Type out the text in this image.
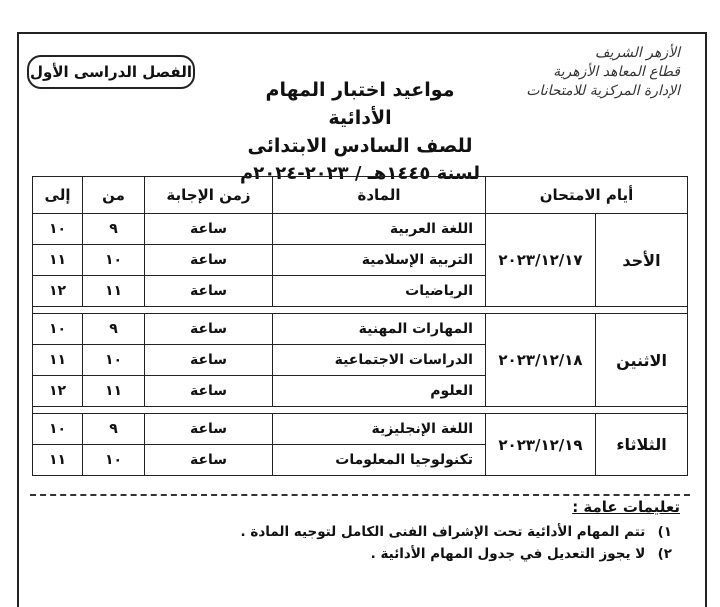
الفصل الدراسى الأول
الأزهر الشريف
قطاع المعاهد الأزهرية
الإدارة المركزية للامتحانات
مواعيد اختبار المهام الأدائية
للصف السادس الابتدائى
لسنة ١٤٤٥هـ / ٢٠٢٣-٢٠٢٤م
أيام الامتحان		المادة	زمن الإجابة	من	إلى
الأحد	٢٠٢٣/١٢/١٧	اللغة العربية	ساعة	٩	١٠
		التربية الإسلامية	ساعة	١٠	١١
		الرياضيات	ساعة	١١	١٢

الاثنين	٢٠٢٣/١٢/١٨	المهارات المهنية	ساعة	٩	١٠
		الدراسات الاجتماعية	ساعة	١٠	١١
		العلوم	ساعة	١١	١٢

الثلاثاء	٢٠٢٣/١٢/١٩	اللغة الإنجليزية	ساعة	٩	١٠
		تكنولوجيا المعلومات	ساعة	١٠	١١
تعليمات عامة :
١) تتم المهام الأدائية تحت الإشراف الفنى الكامل لتوجيه المادة .
٢) لا يجوز التعديل في جدول المهام الأدائية .
